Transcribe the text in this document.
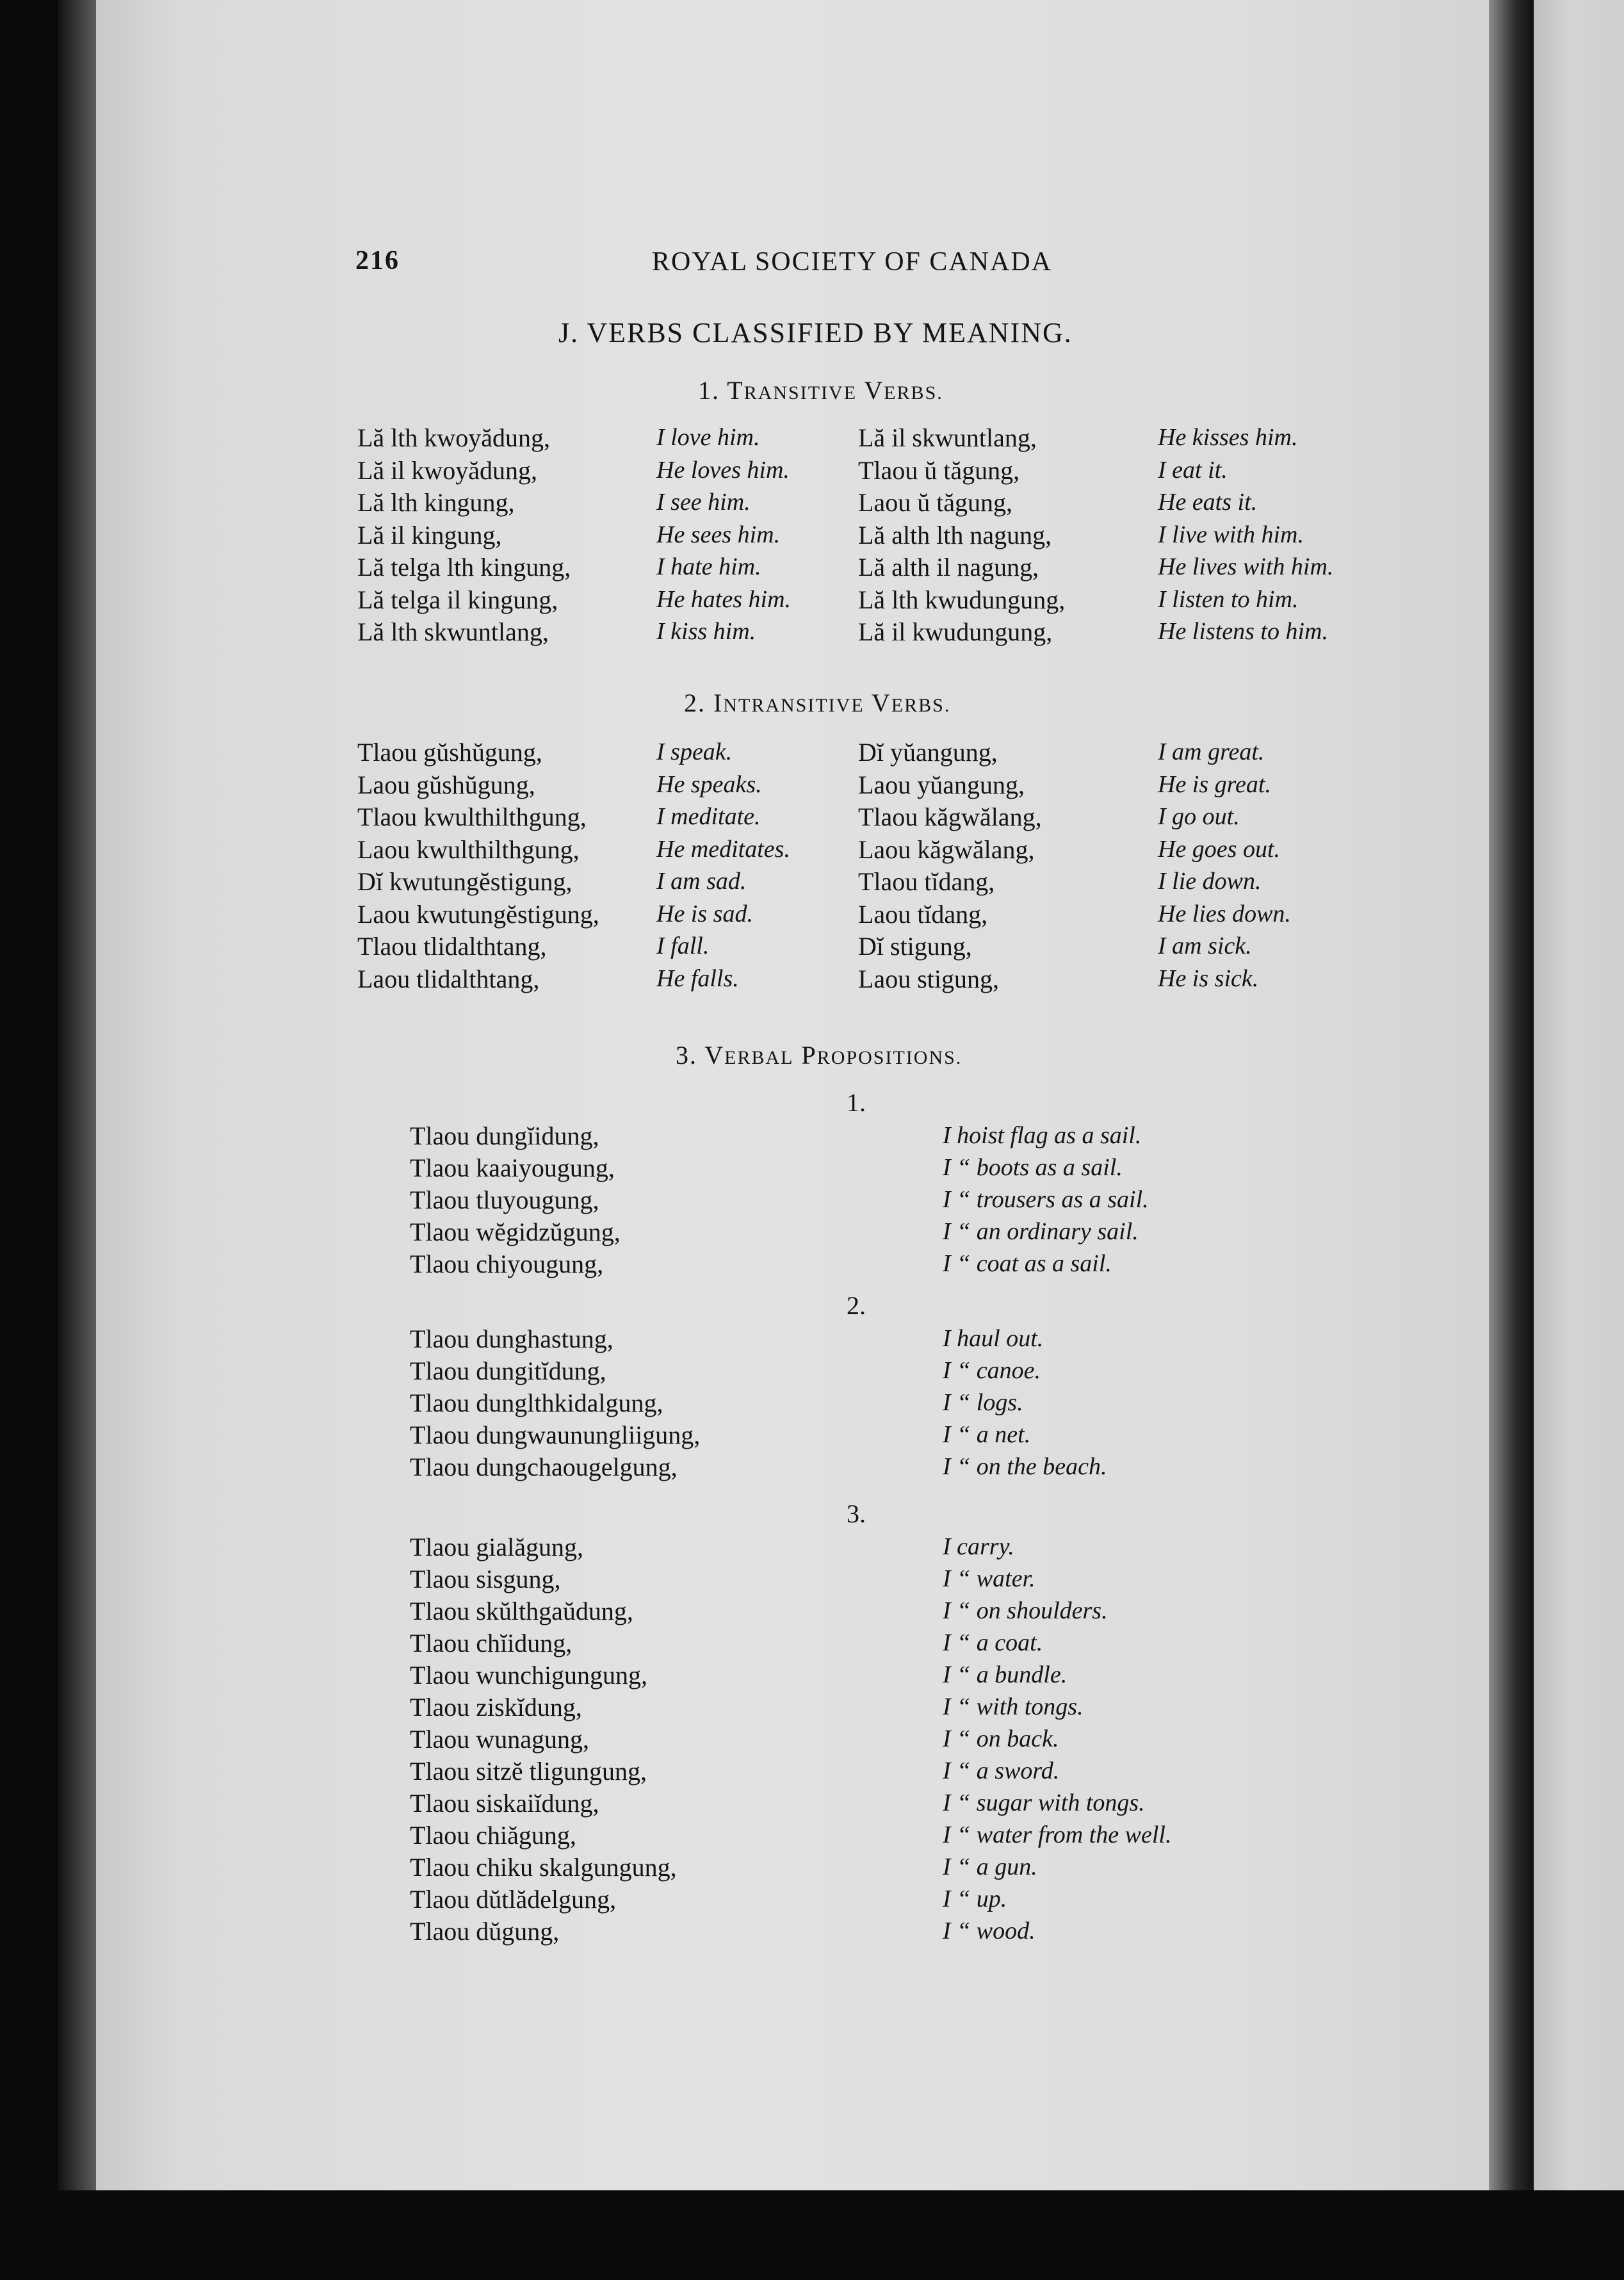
216	ROYAL SOCIETY OF CANADA
J. VERBS CLASSIFIED BY MEANING.
1. TRANSITIVE VERBS.
Lă lth kwoyădung,	I love him.	Lă il skwuntlang,	He kisses him.
Lă il kwoyădung,	He loves him.	Tlaou ŭ tăgung,	I eat it.
Lă lth kingung,	I see him.	Laou ŭ tăgung,	He eats it.
Lă il kingung,	He sees him.	Lă alth lth nagung,	I live with him.
Lă telga lth kingung,	I hate him.	Lă alth il nagung,	He lives with him.
Lă telga il kingung,	He hates him.	Lă lth kwudungung,	I listen to him.
Lă lth skwuntlang,	I kiss him.	Lă il kwudungung,	He listens to him.
2. INTRANSITIVE VERBS.
Tlaou gŭshŭgung,	I speak.	Dĭ yŭangung,	I am great.
Laou gŭshŭgung,	He speaks.	Laou yŭangung,	He is great.
Tlaou kwulthilthgung,	I meditate.	Tlaou kăgwălang,	I go out.
Laou kwulthilthgung,	He meditates.	Laou kăgwălang,	He goes out.
Dĭ kwutungĕstigung,	I am sad.	Tlaou tĭdang,	I lie down.
Laou kwutungĕstigung, He is sad.	Laou tĭdang,	He lies down.
Tlaou tlidalthtang,	I fall.	Dĭ stigung,	I am sick.
Laou tlidalthtang,	He falls.	Laou stigung,	He is sick.
3. VERBAL PROPOSITIONS.
1.
Tlaou dungĭidung,	I hoist flag as a sail.
Tlaou kaaiyougung,	I “ boots as a sail.
Tlaou tluyougung,	I “ trousers as a sail.
Tlaou wĕgidzŭgung,	I “ an ordinary sail.
Tlaou chiyougung,	I “ coat as a sail.
2.
Tlaou dunghastung,	I haul out.
Tlaou dungitĭdung,	I “ canoe.
Tlaou dunglthkidalgung,	I “ logs.
Tlaou dungwaunungliigung,	I “ a net.
Tlaou dungchaougelgung,	I “ on the beach.
3.
Tlaou gialăgung,	I carry.
Tlaou sisgung,	I “ water.
Tlaou skŭlthgaŭdung,	I “ on shoulders.
Tlaou chĭidung,	I “ a coat.
Tlaou wunchigungung,	I “ a bundle.
Tlaou ziskĭdung,	I “ with tongs.
Tlaou wunagung,	I “ on back.
Tlaou sitzĕ tligungung,	I “ a sword.
Tlaou siskaiĭdung,	I “ sugar with tongs.
Tlaou chiăgung,	I “ water from the well.
Tlaou chiku skalgungung,	I “ a gun.
Tlaou dŭtlădelgung,	I “ up.
Tlaou dŭgung,	I “ wood.
